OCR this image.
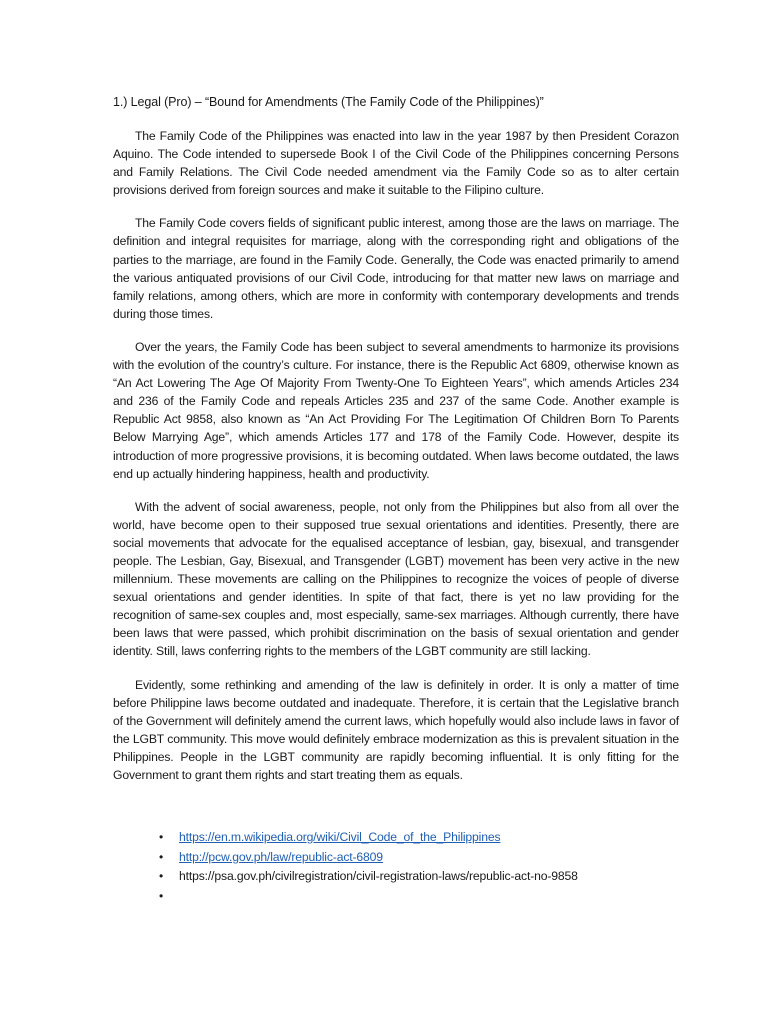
1.) Legal (Pro) – “Bound for Amendments (The Family Code of the Philippines)”

The Family Code of the Philippines was enacted into law in the year 1987 by then President Corazon Aquino. The Code intended to supersede Book I of the Civil Code of the Philippines concerning Persons and Family Relations. The Civil Code needed amendment via the Family Code so as to alter certain provisions derived from foreign sources and make it suitable to the Filipino culture.

The Family Code covers fields of significant public interest, among those are the laws on marriage. The definition and integral requisites for marriage, along with the corresponding right and obligations of the parties to the marriage, are found in the Family Code. Generally, the Code was enacted primarily to amend the various antiquated provisions of our Civil Code, introducing for that matter new laws on marriage and family relations, among others, which are more in conformity with contemporary developments and trends during those times.

Over the years, the Family Code has been subject to several amendments to harmonize its provisions with the evolution of the country’s culture. For instance, there is the Republic Act 6809, otherwise known as “An Act Lowering The Age Of Majority From Twenty-One To Eighteen Years”, which amends Articles 234 and 236 of the Family Code and repeals Articles 235 and 237 of the same Code. Another example is Republic Act 9858, also known as “An Act Providing For The Legitimation Of Children Born To Parents Below Marrying Age”, which amends Articles 177 and 178 of the Family Code. However, despite its introduction of more progressive provisions, it is becoming outdated. When laws become outdated, the laws end up actually hindering happiness, health and productivity.

With the advent of social awareness, people, not only from the Philippines but also from all over the world, have become open to their supposed true sexual orientations and identities. Presently, there are social movements that advocate for the equalised acceptance of lesbian, gay, bisexual, and transgender people. The Lesbian, Gay, Bisexual, and Transgender (LGBT) movement has been very active in the new millennium. These movements are calling on the Philippines to recognize the voices of people of diverse sexual orientations and gender identities. In spite of that fact, there is yet no law providing for the recognition of same-sex couples and, most especially, same-sex marriages. Although currently, there have been laws that were passed, which prohibit discrimination on the basis of sexual orientation and gender identity. Still, laws conferring rights to the members of the LGBT community are still lacking.

Evidently, some rethinking and amending of the law is definitely in order. It is only a matter of time before Philippine laws become outdated and inadequate. Therefore, it is certain that the Legislative branch of the Government will definitely amend the current laws, which hopefully would also include laws in favor of the LGBT community. This move would definitely embrace modernization as this is prevalent situation in the Philippines. People in the LGBT community are rapidly becoming influential. It is only fitting for the Government to grant them rights and start treating them as equals.

• https://en.m.wikipedia.org/wiki/Civil_Code_of_the_Philippines
• http://pcw.gov.ph/law/republic-act-6809
• https://psa.gov.ph/civilregistration/civil-registration-laws/republic-act-no-9858
•
